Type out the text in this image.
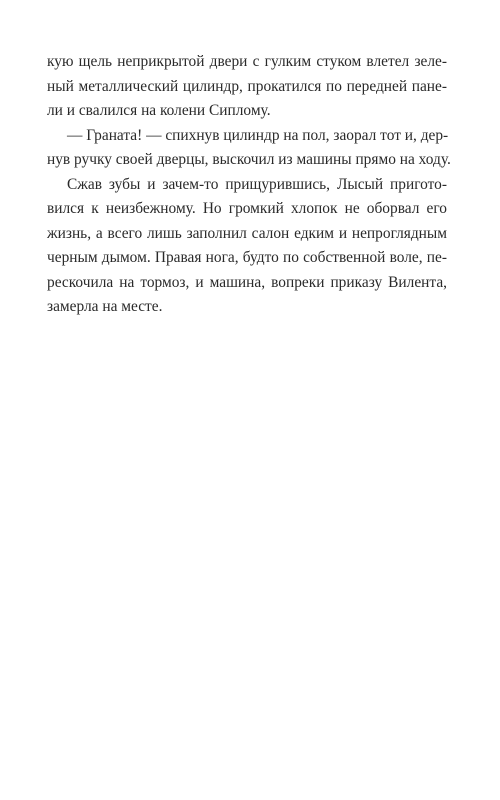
кую щель неприкрытой двери с гулким стуком влетел зеле-
ный металлический цилиндр, прокатился по передней пане-
ли и свалился на колени Сиплому.
— Граната! — спихнув цилиндр на пол, заорал тот и, дер-
нув ручку своей дверцы, выскочил из машины прямо на ходу.
Сжав зубы и зачем-то прищурившись, Лысый пригото-
вился к неизбежному. Но громкий хлопок не оборвал его
жизнь, а всего лишь заполнил салон едким и непроглядным
черным дымом. Правая нога, будто по собственной воле, пе-
рескочила на тормоз, и машина, вопреки приказу Вилента,
замерла на месте.
